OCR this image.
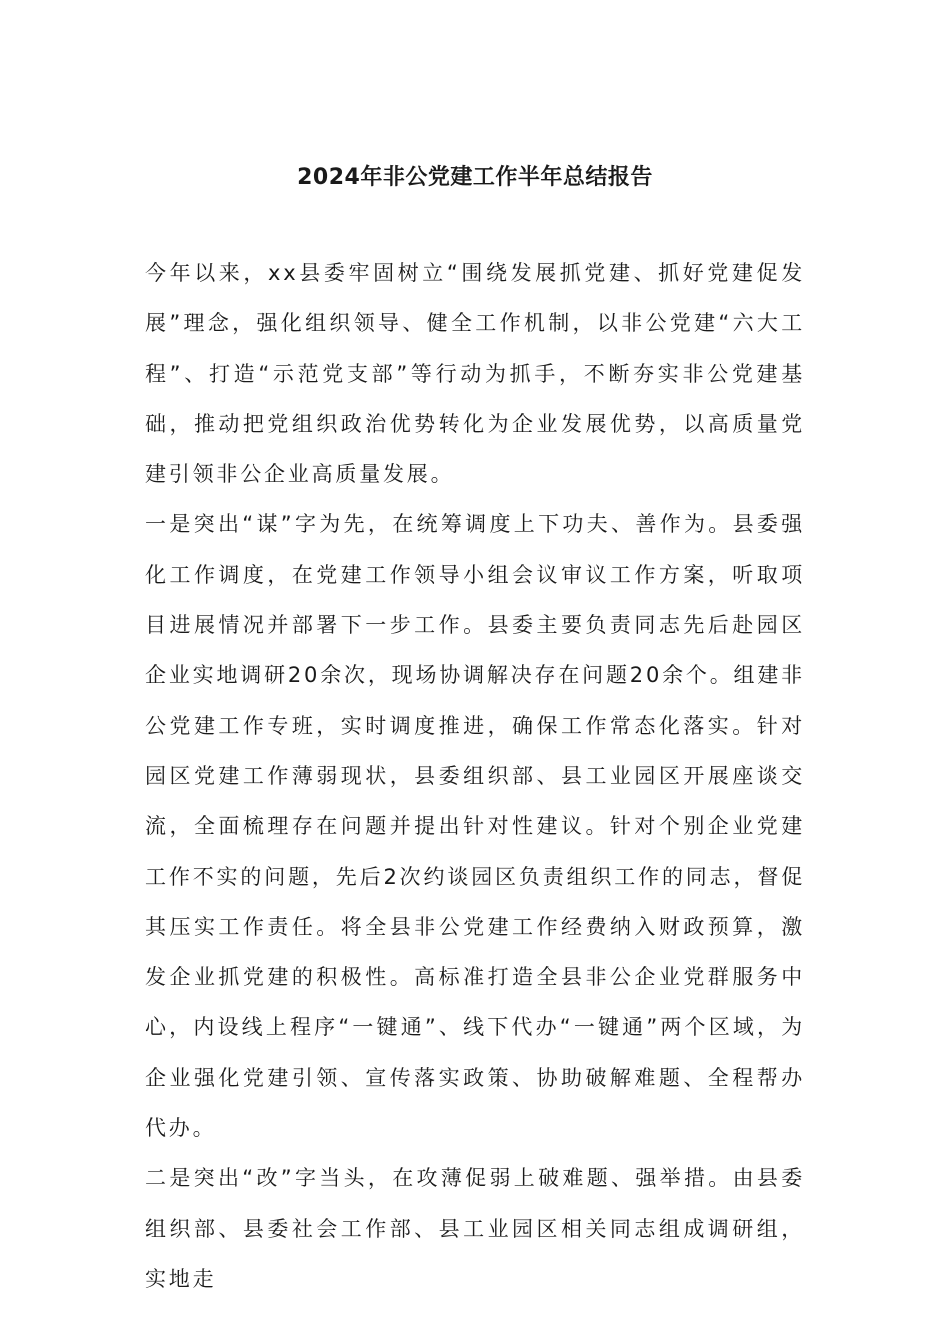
2024年非公党建工作半年总结报告

今年以来，xx县委牢固树立“围绕发展抓党建、抓好党建促发展”理念，强化组织领导、健全工作机制，以非公党建“六大工程”、打造“示范党支部”等行动为抓手，不断夯实非公党建基础，推动把党组织政治优势转化为企业发展优势，以高质量党建引领非公企业高质量发展。

一是突出“谋”字为先，在统筹调度上下功夫、善作为。县委强化工作调度，在党建工作领导小组会议审议工作方案，听取项目进展情况并部署下一步工作。县委主要负责同志先后赴园区企业实地调研20余次，现场协调解决存在问题20余个。组建非公党建工作专班，实时调度推进，确保工作常态化落实。针对园区党建工作薄弱现状，县委组织部、县工业园区开展座谈交流，全面梳理存在问题并提出针对性建议。针对个别企业党建工作不实的问题，先后2次约谈园区负责组织工作的同志，督促其压实工作责任。将全县非公党建工作经费纳入财政预算，激发企业抓党建的积极性。高标准打造全县非公企业党群服务中心，内设线上程序“一键通”、线下代办“一键通”两个区域，为企业强化党建引领、宣传落实政策、协助破解难题、全程帮办代办。

二是突出“改”字当头，在攻薄促弱上破难题、强举措。由县委组织部、县委社会工作部、县工业园区相关同志组成调研组，实地走
